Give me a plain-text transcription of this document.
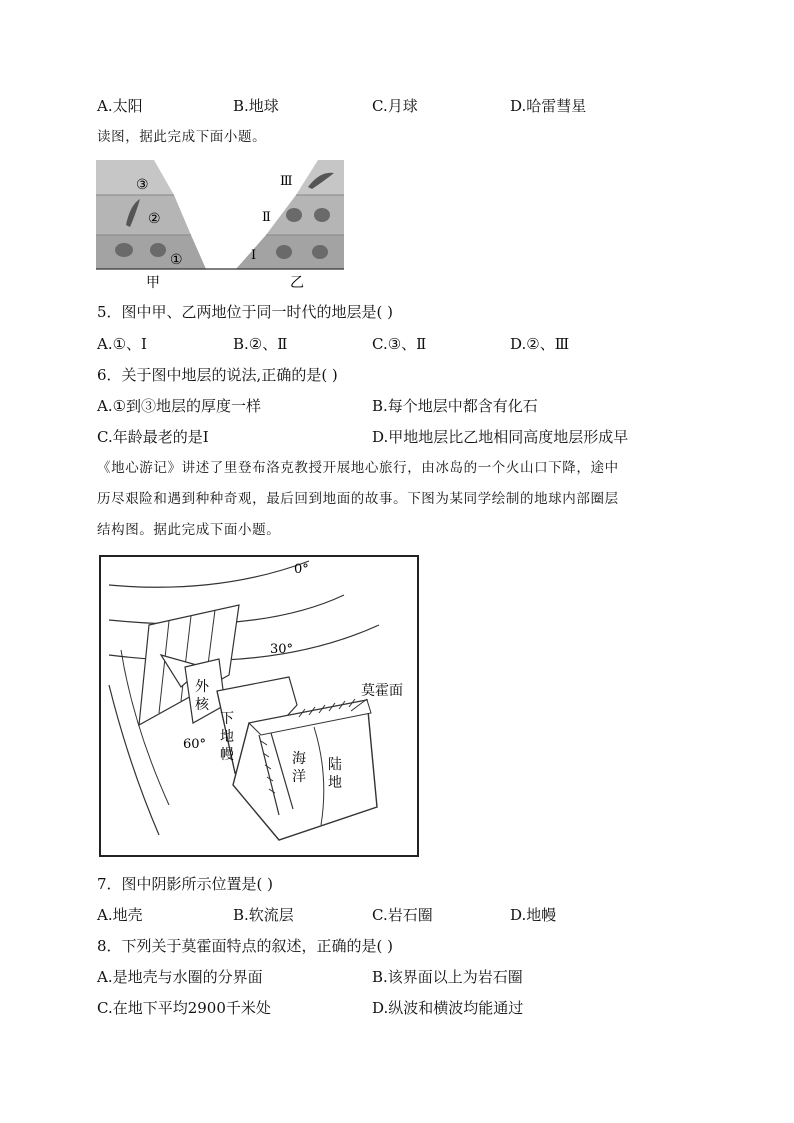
A.太阳	B.地球	C.月球	D.哈雷彗星
读图，据此完成下面小题。
③
②
①
Ⅲ
Ⅱ
Ⅰ
甲	乙
5．图中甲、乙两地位于同一时代的地层是( )
A.①、Ⅰ	B.②、Ⅱ	C.③、Ⅱ	D.②、Ⅲ
6．关于图中地层的说法,正确的是( )
A.①到③地层的厚度一样	B.每个地层中都含有化石
C.年龄最老的是Ⅰ	D.甲地地层比乙地相同高度地层形成早
《地心游记》讲述了里登布洛克教授开展地心旅行，由冰岛的一个火山口下降，途中
历尽艰险和遇到种种奇观，最后回到地面的故事。下图为某同学绘制的地球内部圈层
结构图。据此完成下面小题。
0°
30°
60°
莫霍面
外
核
下
地
幔	海
洋
陆
地
7．图中阴影所示位置是( )
A.地壳	B.软流层	C.岩石圈	D.地幔
8．下列关于莫霍面特点的叙述，正确的是( )
A.是地壳与水圈的分界面	B.该界面以上为岩石圈
C.在地下平均2900千米处	D.纵波和横波均能通过
